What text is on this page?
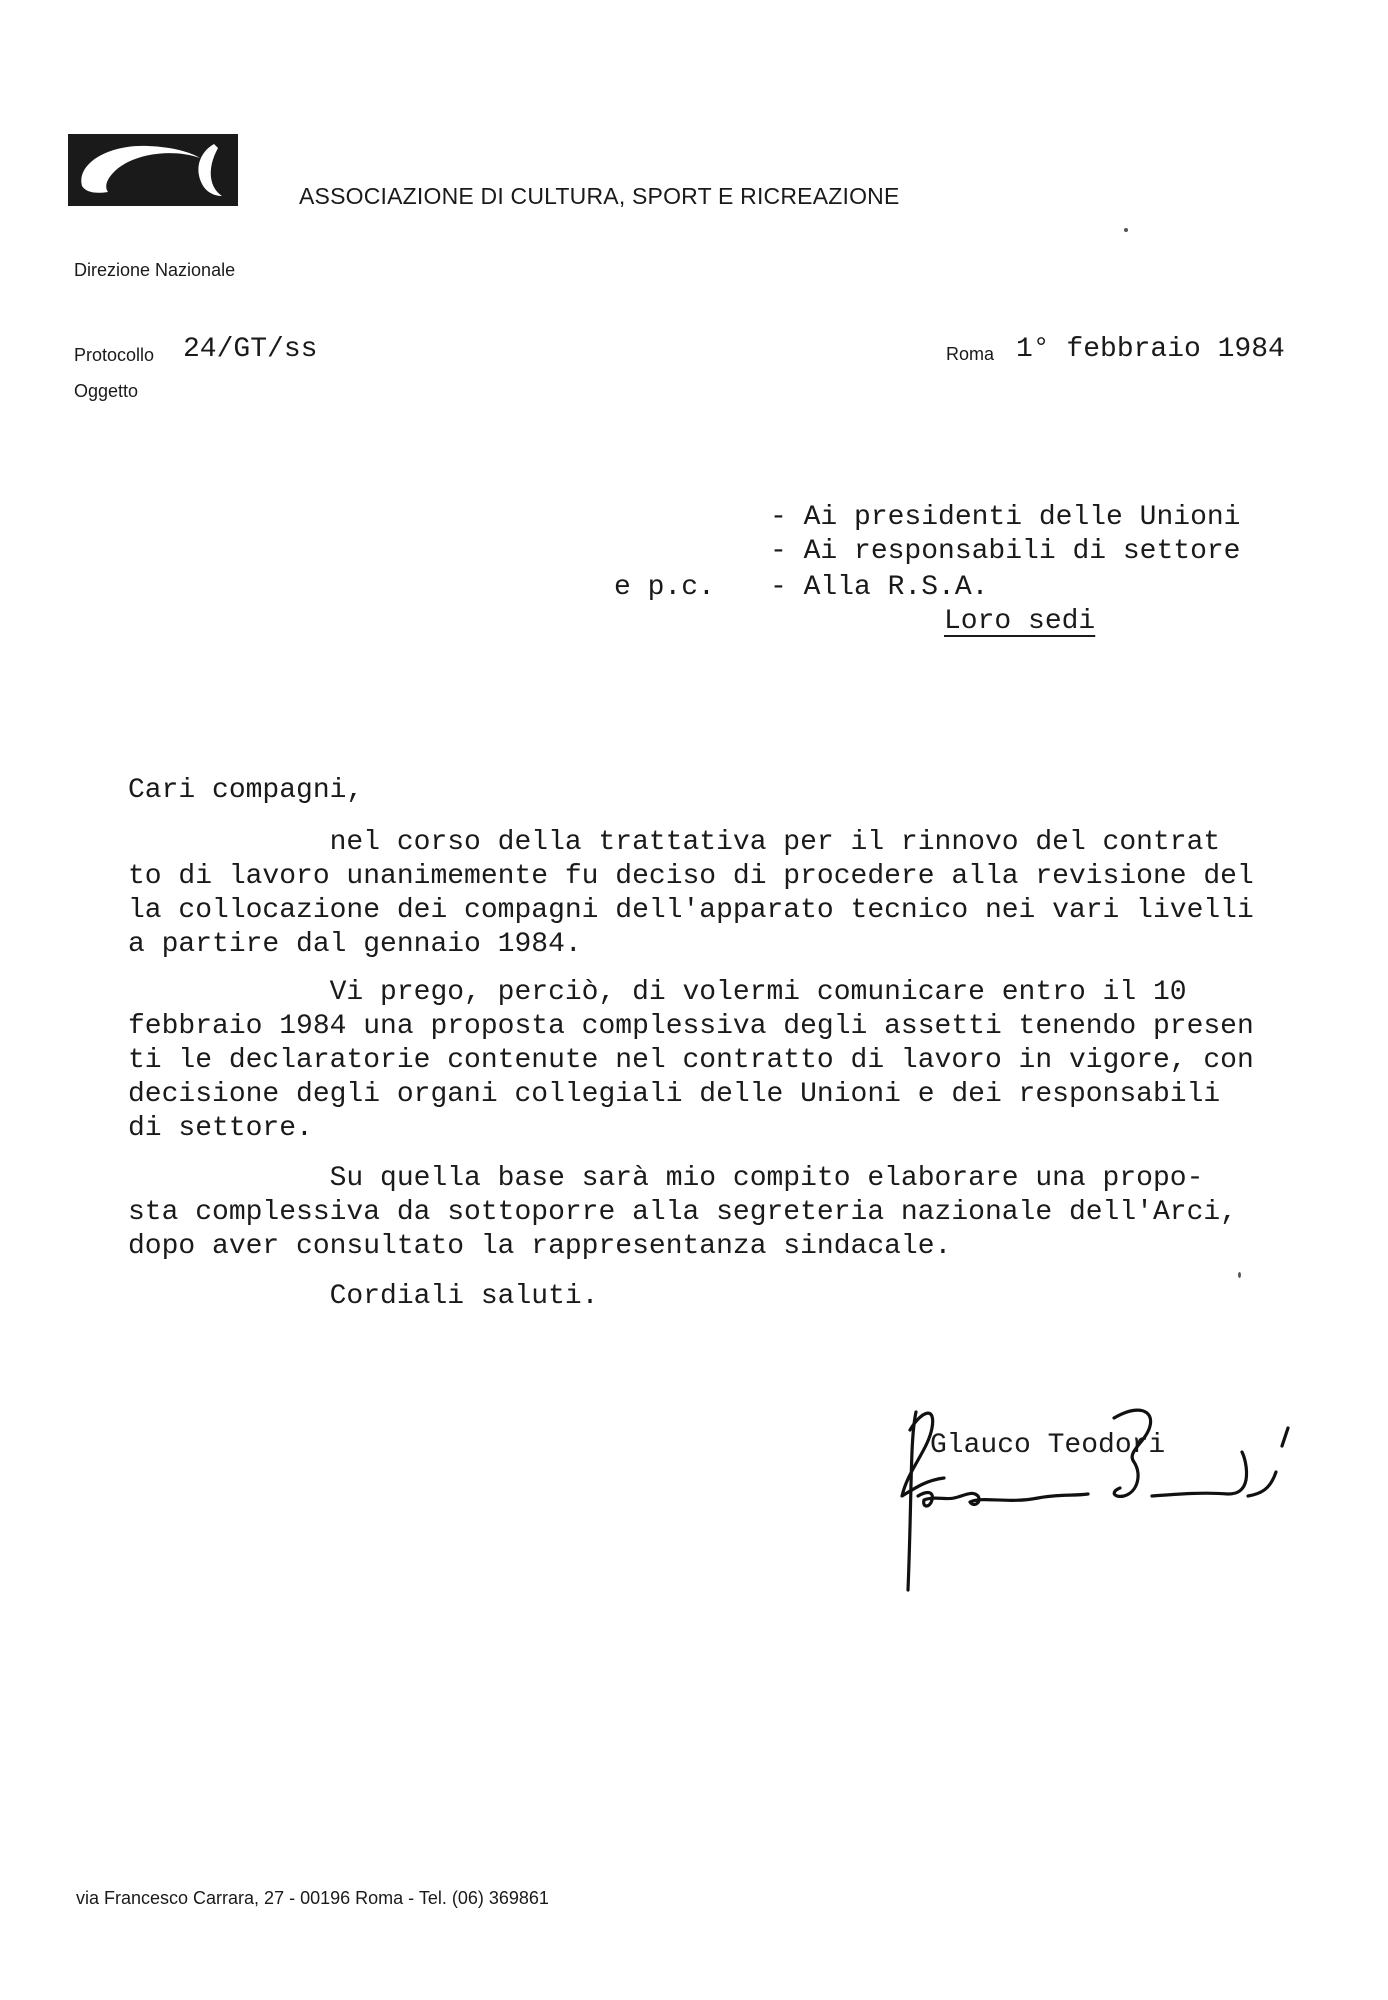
ASSOCIAZIONE DI CULTURA, SPORT E RICREAZIONE
Direzione Nazionale
Protocollo 24/GT/ss
Oggetto
Roma 1° febbraio 1984
- Ai presidenti delle Unioni
- Ai responsabili di settore
e p.c. - Alla R.S.A.
Loro sedi
Cari compagni,
nel corso della trattativa per il rinnovo del contrat
to di lavoro unanimemente fu deciso di procedere alla revisione del
la collocazione dei compagni dell'apparato tecnico nei vari livelli
a partire dal gennaio 1984.
Vi prego, perciò, di volermi comunicare entro il 10
febbraio 1984 una proposta complessiva degli assetti tenendo presen
ti le declaratorie contenute nel contratto di lavoro in vigore, con
decisione degli organi collegiali delle Unioni e dei responsabili
di settore.
Su quella base sarà mio compito elaborare una propo-
sta complessiva da sottoporre alla segreteria nazionale dell'Arci,
dopo aver consultato la rappresentanza sindacale.
Cordiali saluti.
Glauco Teodori
via Francesco Carrara, 27 - 00196 Roma - Tel. (06) 369861
